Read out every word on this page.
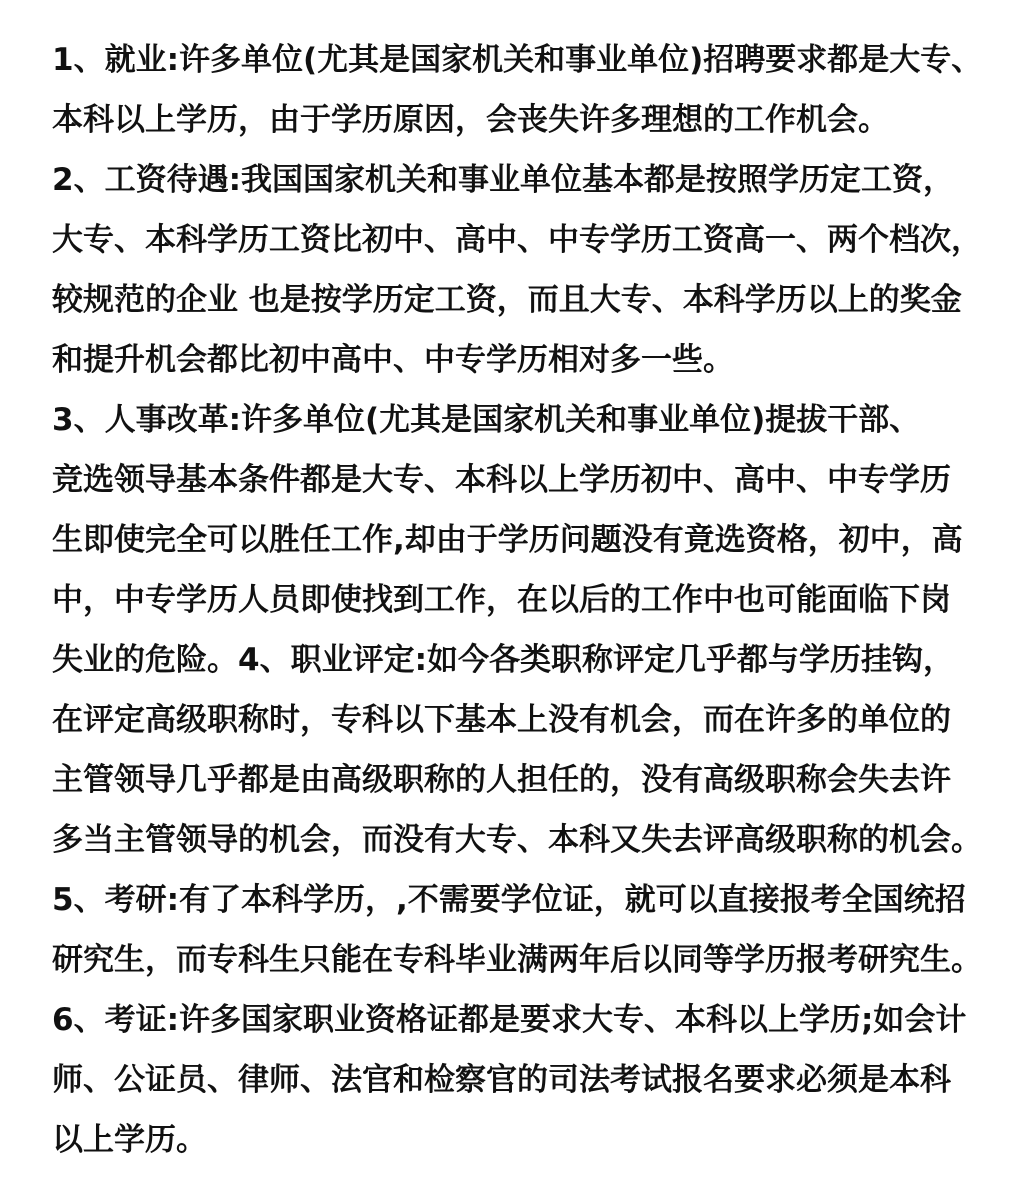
1、就业:许多单位(尤其是国家机关和事业单位)招聘要求都是大专、
本科以上学历，由于学历原因，会丧失许多理想的工作机会。
2、工资待遇:我国国家机关和事业单位基本都是按照学历定工资，
大专、本科学历工资比初中、高中、中专学历工资高一、两个档次，
较规范的企业 也是按学历定工资，而且大专、本科学历以上的奖金
和提升机会都比初中高中、中专学历相对多一些。
3、人事改革:许多单位(尤其是国家机关和事业单位)提拔干部、
竞选领导基本条件都是大专、本科以上学历初中、高中、中专学历
生即使完全可以胜任工作,却由于学历问题没有竟选资格，初中，高
中，中专学历人员即使找到工作，在以后的工作中也可能面临下岗
失业的危险。4、职业评定:如今各类职称评定几乎都与学历挂钩，
在评定高级职称时，专科以下基本上没有机会，而在许多的单位的
主管领导几乎都是由高级职称的人担任的，没有高级职称会失去许
多当主管领导的机会，而没有大专、本科又失去评高级职称的机会。
5、考研:有了本科学历，,不需要学位证，就可以直接报考全国统招
研究生，而专科生只能在专科毕业满两年后以同等学历报考研究生。
6、考证:许多国家职业资格证都是要求大专、本科以上学历;如会计
师、公证员、律师、法官和检察官的司法考试报名要求必须是本科
以上学历。
